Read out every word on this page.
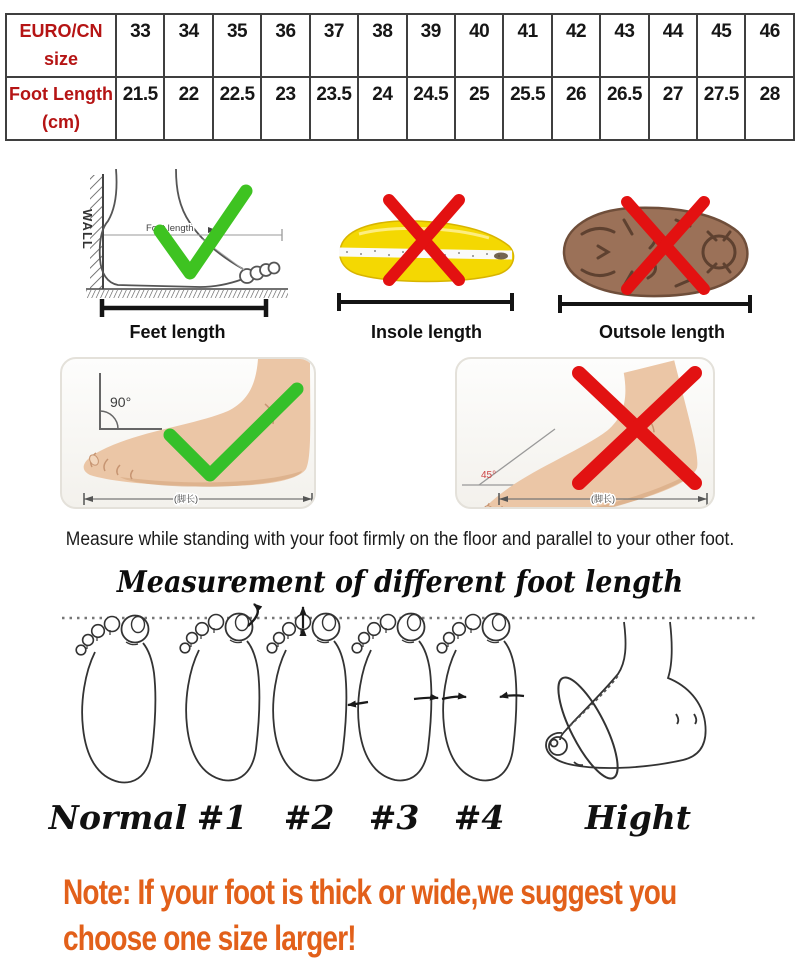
EURO/CN
size	33	34	35	36	37	38	39	40	41	42	43	44	45	46

Foot Length
(cm)	21.5	22	22.5	23	23.5	24	24.5	25	25.5	26	26.5	27	27.5	28
WALL	Foot length
Feet length	Insole length	Outsole length
90°
(脚长)
45°
(脚长)
Measure while standing with your foot firmly on the floor and parallel to your other foot.
Measurement of different foot length
Normal #1 #2 #3 #4 Hight
Note: If your foot is thick or wide,we suggest you
choose one size larger!
